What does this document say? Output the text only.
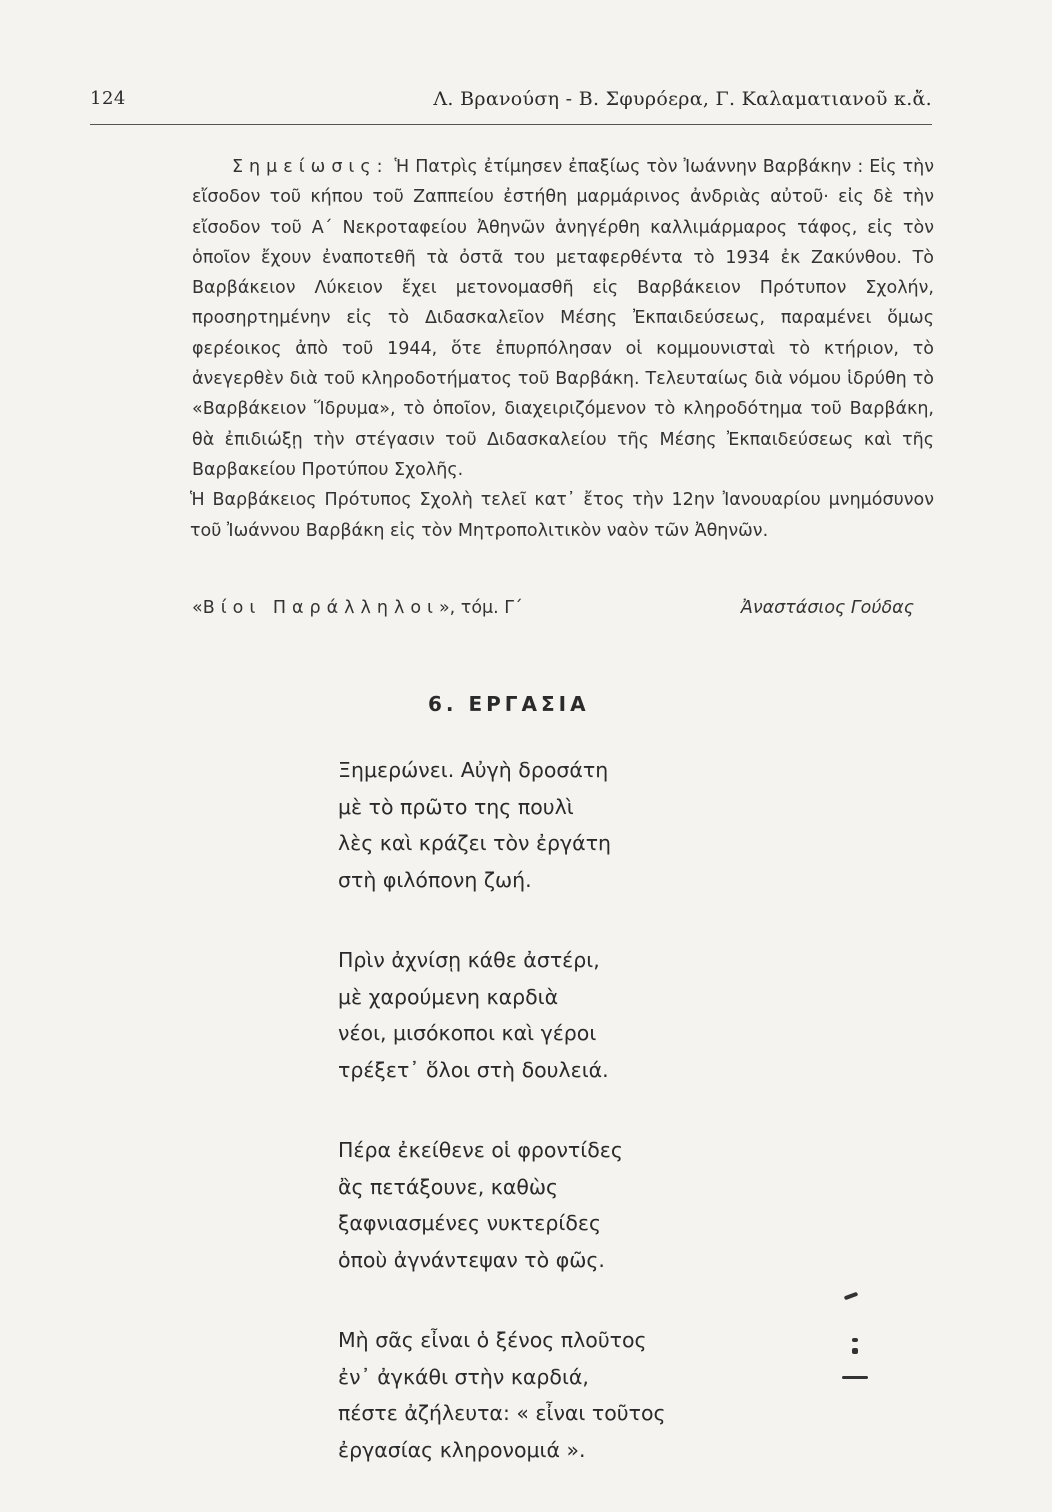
124	Λ. Βρανούση - Β. Σφυρόερα, Γ. Καλαματιανοῦ κ.ἄ.

Σημείωσις: Ἡ Πατρὶς ἐτίμησεν ἐπαξίως τὸν Ἰωάννην Βαρβάκην : Εἰς τὴν εἴσοδον τοῦ κήπου τοῦ Ζαππείου ἐστήθη μαρμάρινος ἀνδριὰς αὐτοῦ· εἰς δὲ τὴν εἴσοδον τοῦ Α΄ Νεκροταφείου Ἀθηνῶν ἀνηγέρθη καλλιμάρμαρος τάφος, εἰς τὸν ὁποῖον ἔχουν ἐναποτεθῆ τὰ ὀστᾶ του μεταφερθέντα τὸ 1934 ἐκ Ζακύνθου. Τὸ Βαρβάκειον Λύκειον ἔχει μετονομασθῆ εἰς Βαρβάκειον Πρότυπον Σχολήν, προσηρτημένην εἰς τὸ Διδασκαλεῖον Μέσης Ἐκπαιδεύσεως, παραμένει ὅμως φερέοικος ἀπὸ τοῦ 1944, ὅτε ἐπυρπόλησαν οἱ κομμουνισταὶ τὸ κτήριον, τὸ ἀνεγερθὲν διὰ τοῦ κληροδοτήματος τοῦ Βαρβάκη. Τελευταίως διὰ νόμου ἱδρύθη τὸ «Βαρβάκειον Ἵδρυμα», τὸ ὁποῖον, διαχειριζόμενον τὸ κληροδότημα τοῦ Βαρβάκη, θὰ ἐπιδιώξῃ τὴν στέγασιν τοῦ Διδασκαλείου τῆς Μέσης Ἐκπαιδεύσεως καὶ τῆς Βαρβακείου Προτύπου Σχολῆς.

Ἡ Βαρβάκειος Πρότυπος Σχολὴ τελεῖ κατ᾽ ἔτος τὴν 12ην Ἰανουαρίου μνημόσυνον τοῦ Ἰωάννου Βαρβάκη εἰς τὸν Μητροπολιτικὸν ναὸν τῶν Ἀθηνῶν.

«Βίοι Παράλληλοι», τόμ. Γ΄	Ἀναστάσιος Γούδας
6. ΕΡΓΑΣΙΑ
Ξημερώνει. Αὐγὴ δροσάτη
μὲ τὸ πρῶτο της πουλὶ
λὲς καὶ κράζει τὸν ἐργάτη
στὴ φιλόπονη ζωή.
Πρὶν ἀχνίσῃ κάθε ἀστέρι,
μὲ χαρούμενη καρδιὰ
νέοι, μισόκοποι καὶ γέροι
τρέξετ᾽ ὅλοι στὴ δουλειά.
Πέρα ἐκείθενε οἱ φροντίδες
ἂς πετάξουνε, καθὼς
ξαφνιασμένες νυκτερίδες
ὁποὺ ἀγνάντεψαν τὸ φῶς.
Μὴ σᾶς εἶναι ὁ ξένος πλοῦτος
ἐν᾽ ἀγκάθι στὴν καρδιά,
πέστε ἀζήλευτα: « εἶναι τοῦτος
ἐργασίας κληρονομιά ».
